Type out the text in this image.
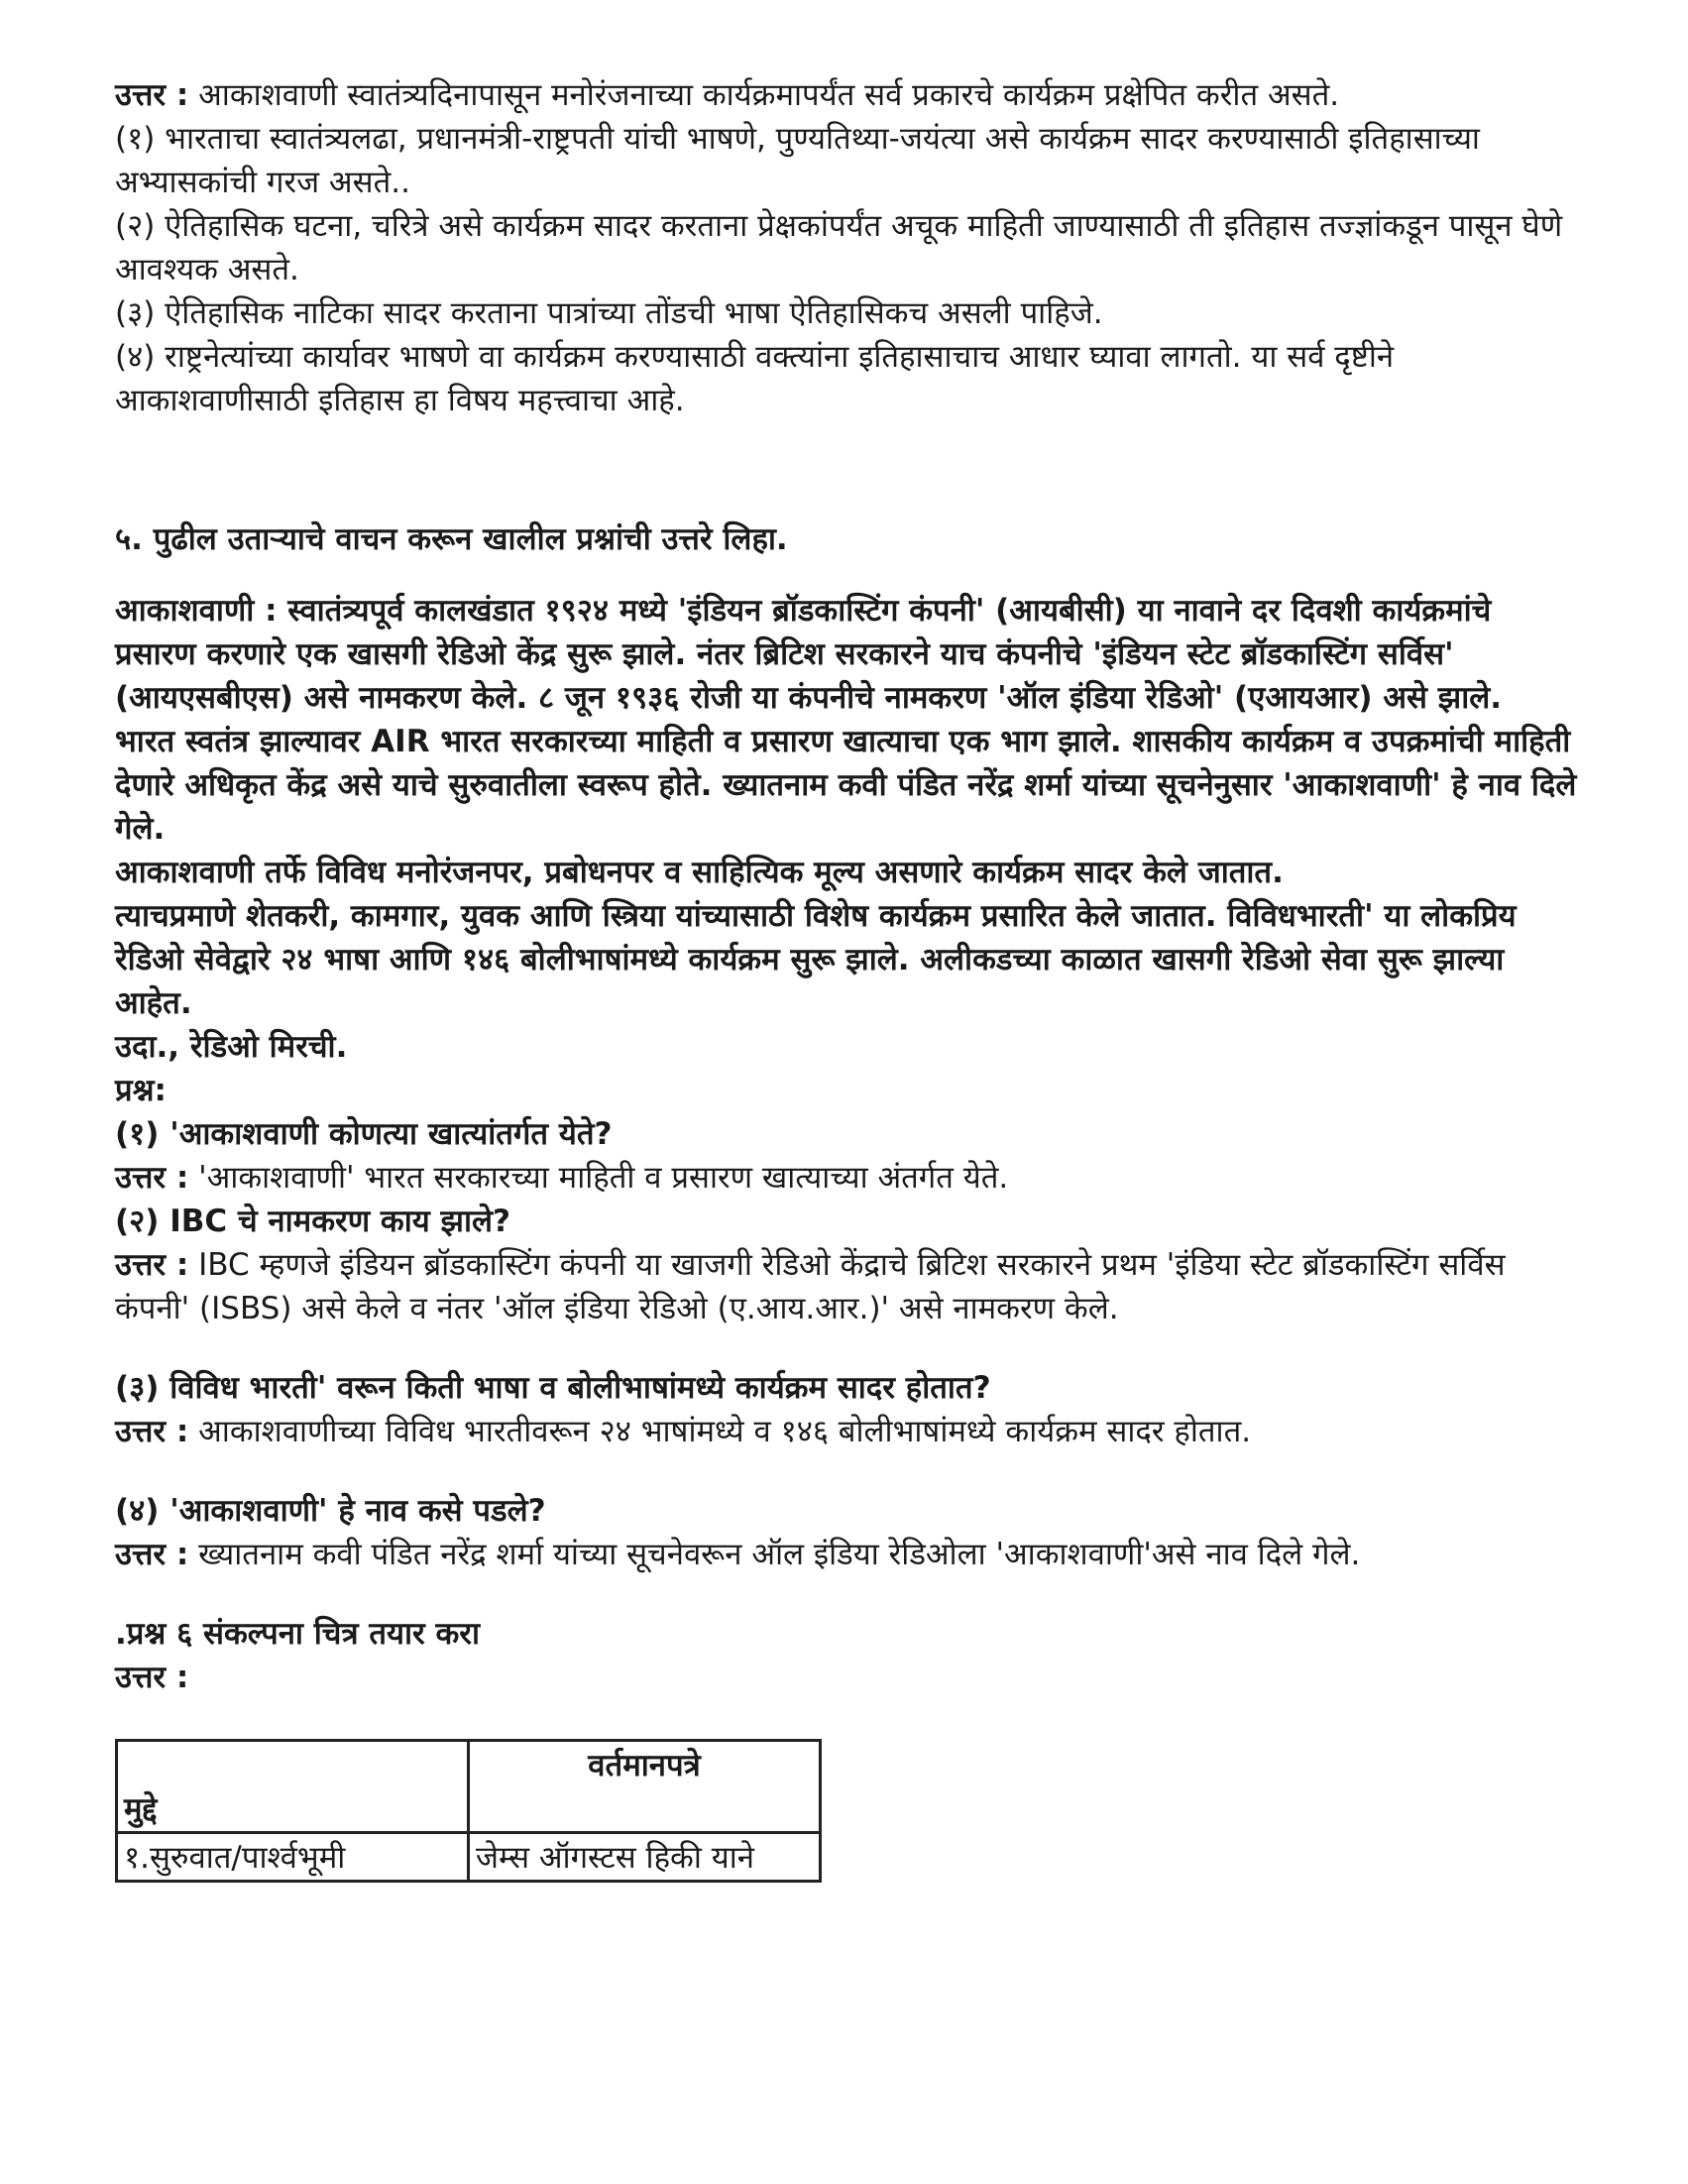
उत्तर : आकाशवाणी स्वातंत्र्यदिनापासून मनोरंजनाच्या कार्यक्रमापर्यंत सर्व प्रकारचे कार्यक्रम प्रक्षेपित करीत असते.

(१) भारताचा स्वातंत्र्यलढा, प्रधानमंत्री-राष्ट्रपती यांची भाषणे, पुण्यतिथ्या-जयंत्या असे कार्यक्रम सादर करण्यासाठी इतिहासाच्या अभ्यासकांची गरज असते..

(२) ऐतिहासिक घटना, चरित्रे असे कार्यक्रम सादर करताना प्रेक्षकांपर्यंत अचूक माहिती जाण्यासाठी ती इतिहास तज्ज्ञांकडून पासून घेणे आवश्यक असते.

(३) ऐतिहासिक नाटिका सादर करताना पात्रांच्या तोंडची भाषा ऐतिहासिकच असली पाहिजे.

(४) राष्ट्रनेत्यांच्या कार्यावर भाषणे वा कार्यक्रम करण्यासाठी वक्त्यांना इतिहासाचाच आधार घ्यावा लागतो. या सर्व दृष्टीने आकाशवाणीसाठी इतिहास हा विषय महत्त्वाचा आहे.

५. पुढील उताऱ्याचे वाचन करून खालील प्रश्नांची उत्तरे लिहा.

आकाशवाणी : स्वातंत्र्यपूर्व कालखंडात १९२४ मध्ये 'इंडियन ब्रॉडकास्टिंग कंपनी' (आयबीसी) या नावाने दर दिवशी कार्यक्रमांचे प्रसारण करणारे एक खासगी रेडिओ केंद्र सुरू झाले. नंतर ब्रिटिश सरकारने याच कंपनीचे 'इंडियन स्टेट ब्रॉडकास्टिंग सर्विस' (आयएसबीएस) असे नामकरण केले. ८ जून १९३६ रोजी या कंपनीचे नामकरण 'ऑल इंडिया रेडिओ' (एआयआर) असे झाले.

भारत स्वतंत्र झाल्यावर AIR भारत सरकारच्या माहिती व प्रसारण खात्याचा एक भाग झाले. शासकीय कार्यक्रम व उपक्रमांची माहिती देणारे अधिकृत केंद्र असे याचे सुरुवातीला स्वरूप होते. ख्यातनाम कवी पंडित नरेंद्र शर्मा यांच्या सूचनेनुसार 'आकाशवाणी' हे नाव दिले गेले.

आकाशवाणी तर्फे विविध मनोरंजनपर, प्रबोधनपर व साहित्यिक मूल्य असणारे कार्यक्रम सादर केले जातात.

त्याचप्रमाणे शेतकरी, कामगार, युवक आणि स्त्रिया यांच्यासाठी विशेष कार्यक्रम प्रसारित केले जातात. विविधभारती' या लोकप्रिय रेडिओ सेवेद्वारे २४ भाषा आणि १४६ बोलीभाषांमध्ये कार्यक्रम सुरू झाले. अलीकडच्या काळात खासगी रेडिओ सेवा सुरू झाल्या आहेत.

उदा., रेडिओ मिरची.

प्रश्न:

(१) 'आकाशवाणी कोणत्या खात्यांतर्गत येते?

उत्तर : 'आकाशवाणी' भारत सरकारच्या माहिती व प्रसारण खात्याच्या अंतर्गत येते.

(२) IBC चे नामकरण काय झाले?

उत्तर : IBC म्हणजे इंडियन ब्रॉडकास्टिंग कंपनी या खाजगी रेडिओ केंद्राचे ब्रिटिश सरकारने प्रथम 'इंडिया स्टेट ब्रॉडकास्टिंग सर्विस कंपनी' (ISBS) असे केले व नंतर 'ऑल इंडिया रेडिओ (ए.आय.आर.)' असे नामकरण केले.

(३) विविध भारती' वरून किती भाषा व बोलीभाषांमध्ये कार्यक्रम सादर होतात?

उत्तर : आकाशवाणीच्या विविध भारतीवरून २४ भाषांमध्ये व १४६ बोलीभाषांमध्ये कार्यक्रम सादर होतात.

(४) 'आकाशवाणी' हे नाव कसे पडले?

उत्तर : ख्यातनाम कवी पंडित नरेंद्र शर्मा यांच्या सूचनेवरून ऑल इंडिया रेडिओला 'आकाशवाणी'असे नाव दिले गेले.

.प्रश्न ६ संकल्पना चित्र तयार करा

उत्तर :

मुद्दे	वर्तमानपत्रे
१.सुरुवात/पार्श्वभूमी	जेम्स ऑगस्टस हिकी याने
